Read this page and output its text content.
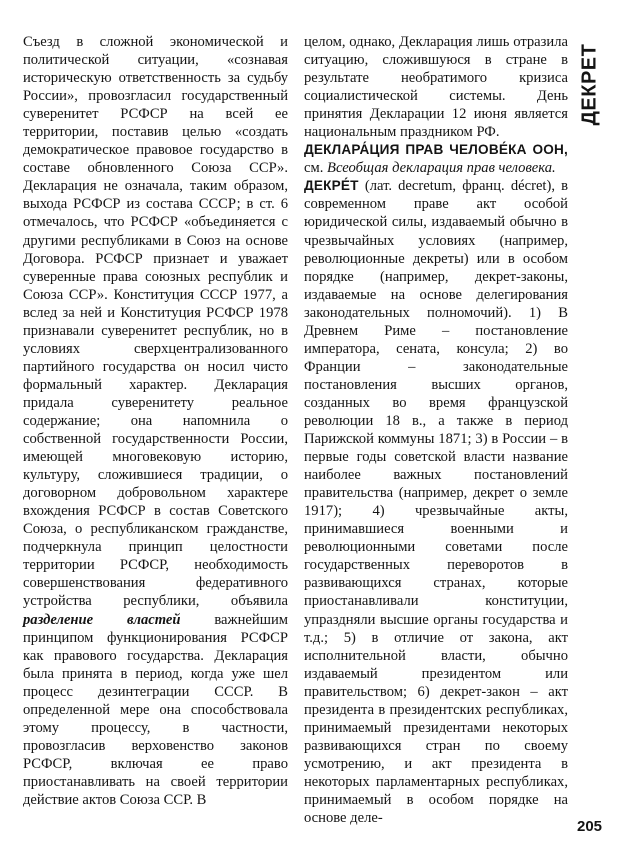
Съезд в сложной экономической и политической ситуации, «сознавая историческую ответственность за судьбу России», провозгласил государственный суверенитет РСФСР на всей ее территории, поставив целью «создать демократическое правовое государство в составе обновленного Союза ССР». Декларация не означала, таким образом, выхода РСФСР из состава СССР; в ст. 6 отмечалось, что РСФСР «объединяется с другими республиками в Союз на основе Договора. РСФСР признает и уважает суверенные права союзных республик и Союза ССР». Конституция СССР 1977, а вслед за ней и Конституция РСФСР 1978 признавали суверенитет республик, но в условиях сверхцентрализованного партийного государства он носил чисто формальный характер. Декларация придала суверенитету реальное содержание; она напомнила о собственной государственности России, имеющей многовековую историю, культуру, сложившиеся традиции, о договорном добровольном характере вхождения РСФСР в состав Советского Союза, о республиканском гражданстве, подчеркнула принцип целостности территории РСФСР, необходимость совершенствования федеративного устройства республики, объявила разделение властей важнейшим принципом функционирования РСФСР как правового государства. Декларация была принята в период, когда уже шел процесс дезинтеграции СССР. В определенной мере она способствовала этому процессу, в частности, провозгласив верховенство законов РСФСР, включая ее право приостанавливать на своей территории действие актов Союза ССР. В

целом, однако, Декларация лишь отразила ситуацию, сложившуюся в стране в результате необратимого кризиса социалистической системы. День принятия Декларации 12 июня является национальным праздником РФ.

ДЕКЛАРА́ЦИЯ ПРАВ ЧЕЛОВЕ́КА ООН, см. Всеобщая декларация прав человека.

ДЕКРЕ́Т (лат. decretum, франц. décret), в современном праве акт особой юридической силы, издаваемый обычно в чрезвычайных условиях (например, революционные декреты) или в особом порядке (например, декрет-законы, издаваемые на основе делегирования законодательных полномочий). 1) В Древнем Риме – постановление императора, сената, консула; 2) во Франции – законодательные постановления высших органов, созданных во время французской революции 18 в., а также в период Парижской коммуны 1871; 3) в России – в первые годы советской власти название наиболее важных постановлений правительства (например, декрет о земле 1917); 4) чрезвычайные акты, принимавшиеся военными и революционными советами после государственных переворотов в развивающихся странах, которые приостанавливали конституции, упраздняли высшие органы государства и т.д.; 5) в отличие от закона, акт исполнительной власти, обычно издаваемый президентом или правительством; 6) декрет-закон – акт президента в президентских республиках, принимаемый президентами некоторых развивающихся стран по своему усмотрению, и акт президента в некоторых парламентарных республиках, принимаемый в особом порядке на основе деле-

ДЕКРЕТ
205
